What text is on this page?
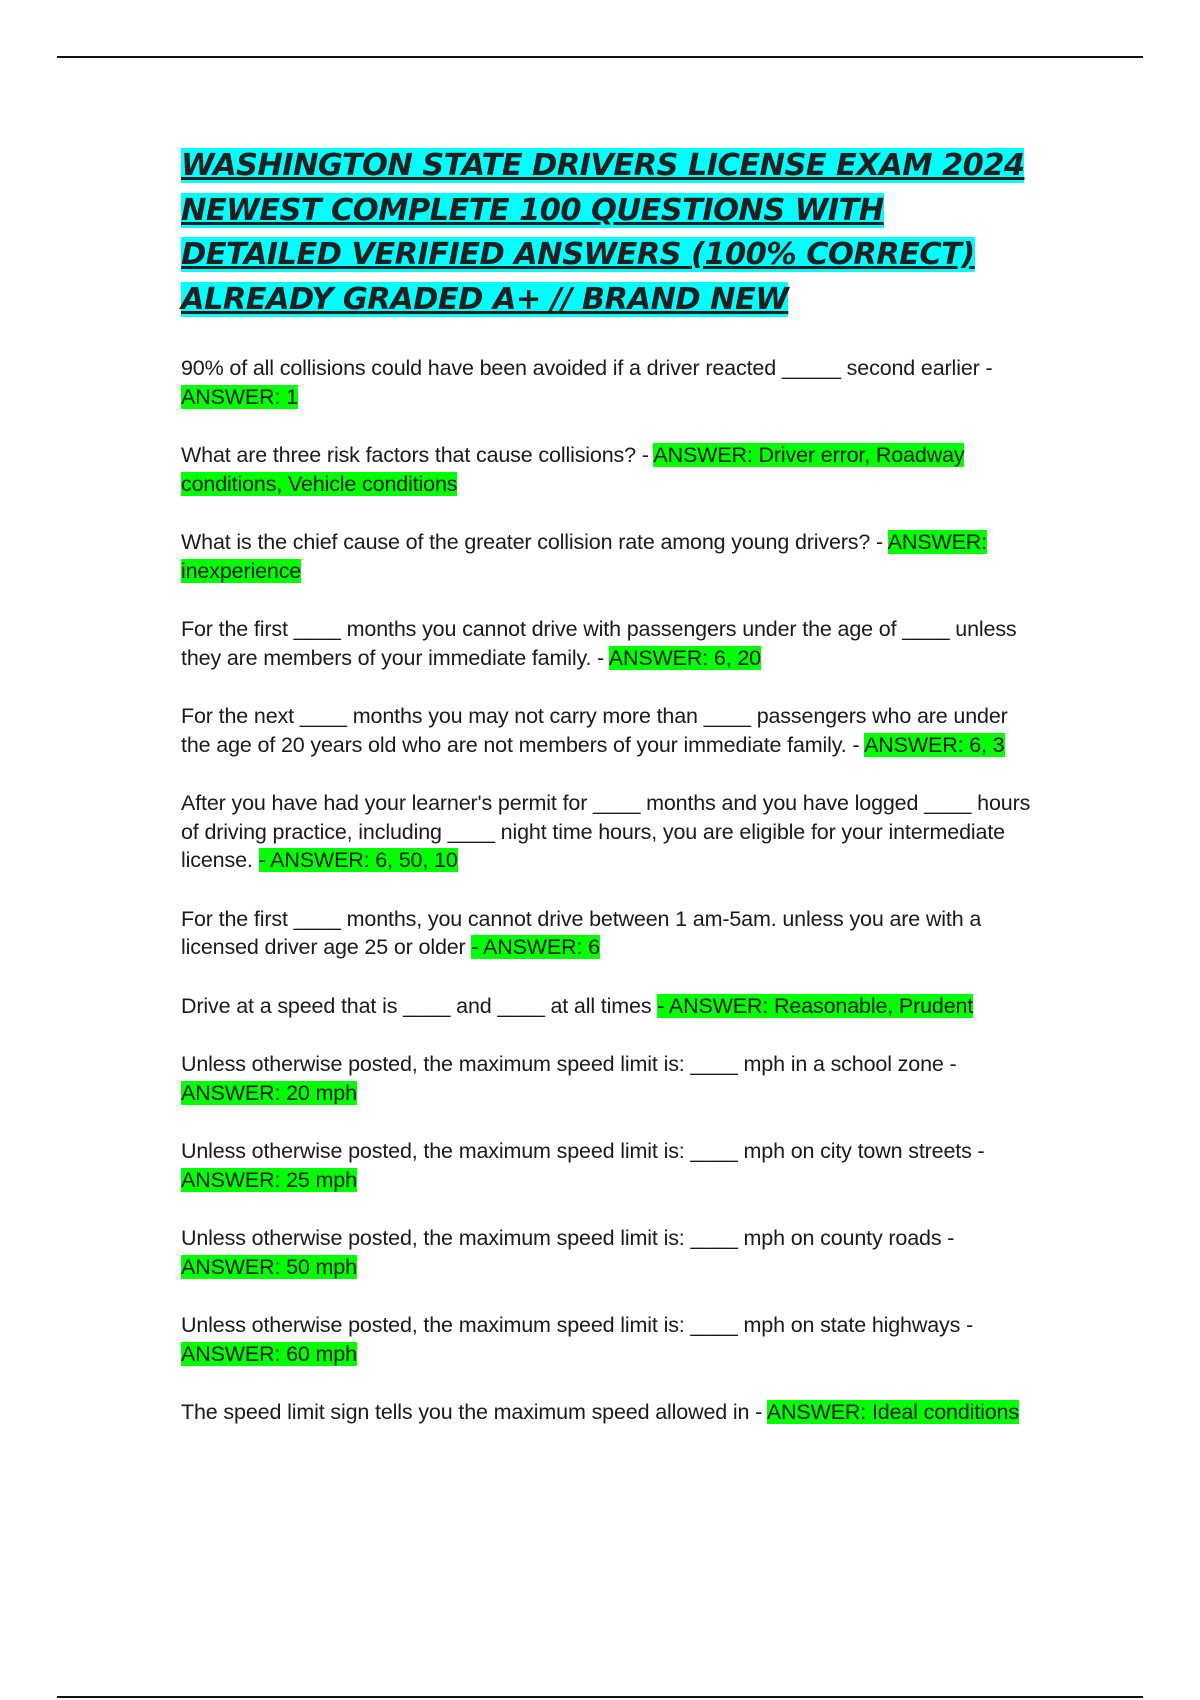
WASHINGTON STATE DRIVERS LICENSE EXAM 2024 NEWEST COMPLETE 100 QUESTIONS WITH DETAILED VERIFIED ANSWERS (100% CORRECT) ALREADY GRADED A+ // BRAND NEW

90% of all collisions could have been avoided if a driver reacted _____ second earlier - ANSWER: 1

What are three risk factors that cause collisions? - ANSWER: Driver error, Roadway conditions, Vehicle conditions

What is the chief cause of the greater collision rate among young drivers? - ANSWER: inexperience

For the first ____ months you cannot drive with passengers under the age of ____ unless they are members of your immediate family. - ANSWER: 6, 20

For the next ____ months you may not carry more than ____ passengers who are under the age of 20 years old who are not members of your immediate family. - ANSWER: 6, 3

After you have had your learner's permit for ____ months and you have logged ____ hours of driving practice, including ____ night time hours, you are eligible for your intermediate license. - ANSWER: 6, 50, 10

For the first ____ months, you cannot drive between 1 am-5am. unless you are with a licensed driver age 25 or older - ANSWER: 6

Drive at a speed that is ____ and ____ at all times - ANSWER: Reasonable, Prudent

Unless otherwise posted, the maximum speed limit is: ____ mph in a school zone - ANSWER: 20 mph

Unless otherwise posted, the maximum speed limit is: ____ mph on city town streets - ANSWER: 25 mph

Unless otherwise posted, the maximum speed limit is: ____ mph on county roads - ANSWER: 50 mph

Unless otherwise posted, the maximum speed limit is: ____ mph on state highways - ANSWER: 60 mph

The speed limit sign tells you the maximum speed allowed in - ANSWER: Ideal conditions
